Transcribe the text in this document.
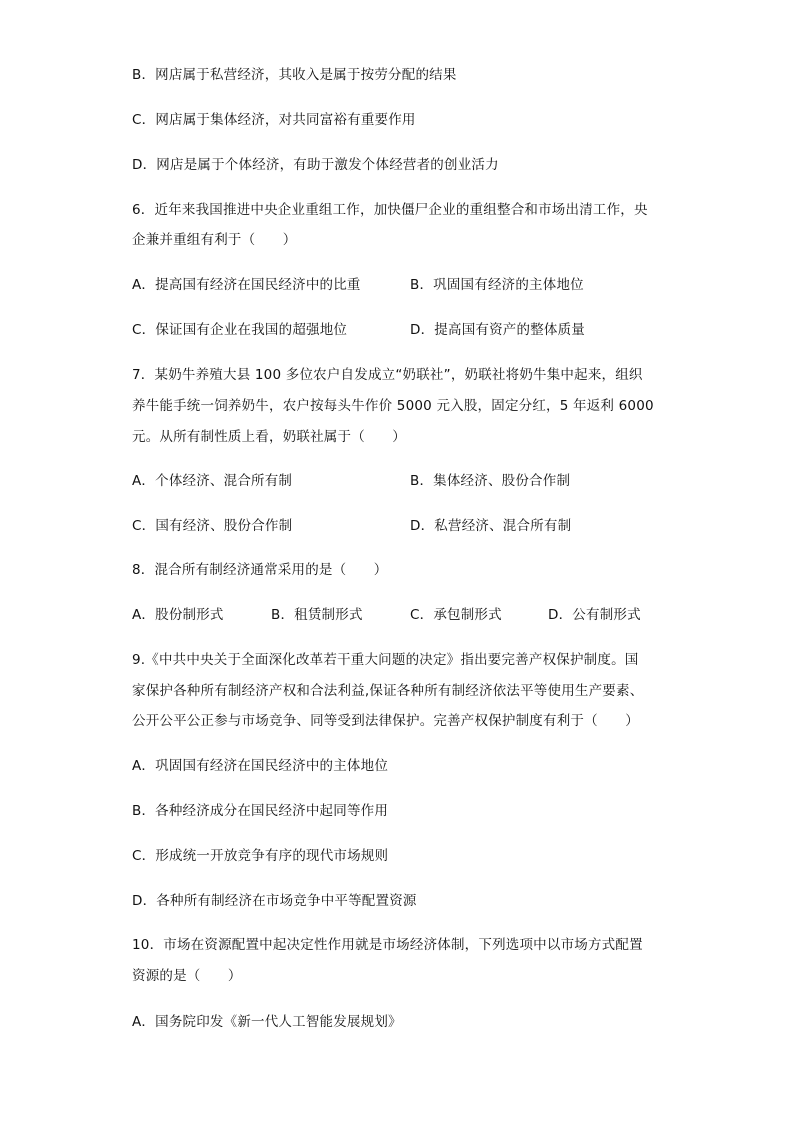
B．网店属于私营经济，其收入是属于按劳分配的结果
C．网店属于集体经济，对共同富裕有重要作用
D．网店是属于个体经济，有助于激发个体经营者的创业活力
6．近年来我国推进中央企业重组工作，加快僵尸企业的重组整合和市场出清工作，央
企兼并重组有利于（　　）
A．提高国有经济在国民经济中的比重	B．巩固国有经济的主体地位
C．保证国有企业在我国的超强地位	D．提高国有资产的整体质量
7．某奶牛养殖大县 100 多位农户自发成立“奶联社”，奶联社将奶牛集中起来，组织
养牛能手统一饲养奶牛，农户按每头牛作价 5000 元入股，固定分红，5 年返利 6000
元。从所有制性质上看，奶联社属于（　　）
A．个体经济、混合所有制	B．集体经济、股份合作制
C．国有经济、股份合作制	D．私营经济、混合所有制
8．混合所有制经济通常采用的是（　　）
A．股份制形式	B．租赁制形式	C．承包制形式	D．公有制形式
9.《中共中央关于全面深化改革若干重大问题的决定》指出要完善产权保护制度。国
家保护各种所有制经济产权和合法利益,保证各种所有制经济依法平等使用生产要素、
公开公平公正参与市场竞争、同等受到法律保护。完善产权保护制度有利于（　　）
A．巩固国有经济在国民经济中的主体地位
B．各种经济成分在国民经济中起同等作用
C．形成统一开放竞争有序的现代市场规则
D．各种所有制经济在市场竞争中平等配置资源
10．市场在资源配置中起决定性作用就是市场经济体制，下列选项中以市场方式配置
资源的是（　　）
A．国务院印发《新一代人工智能发展规划》
